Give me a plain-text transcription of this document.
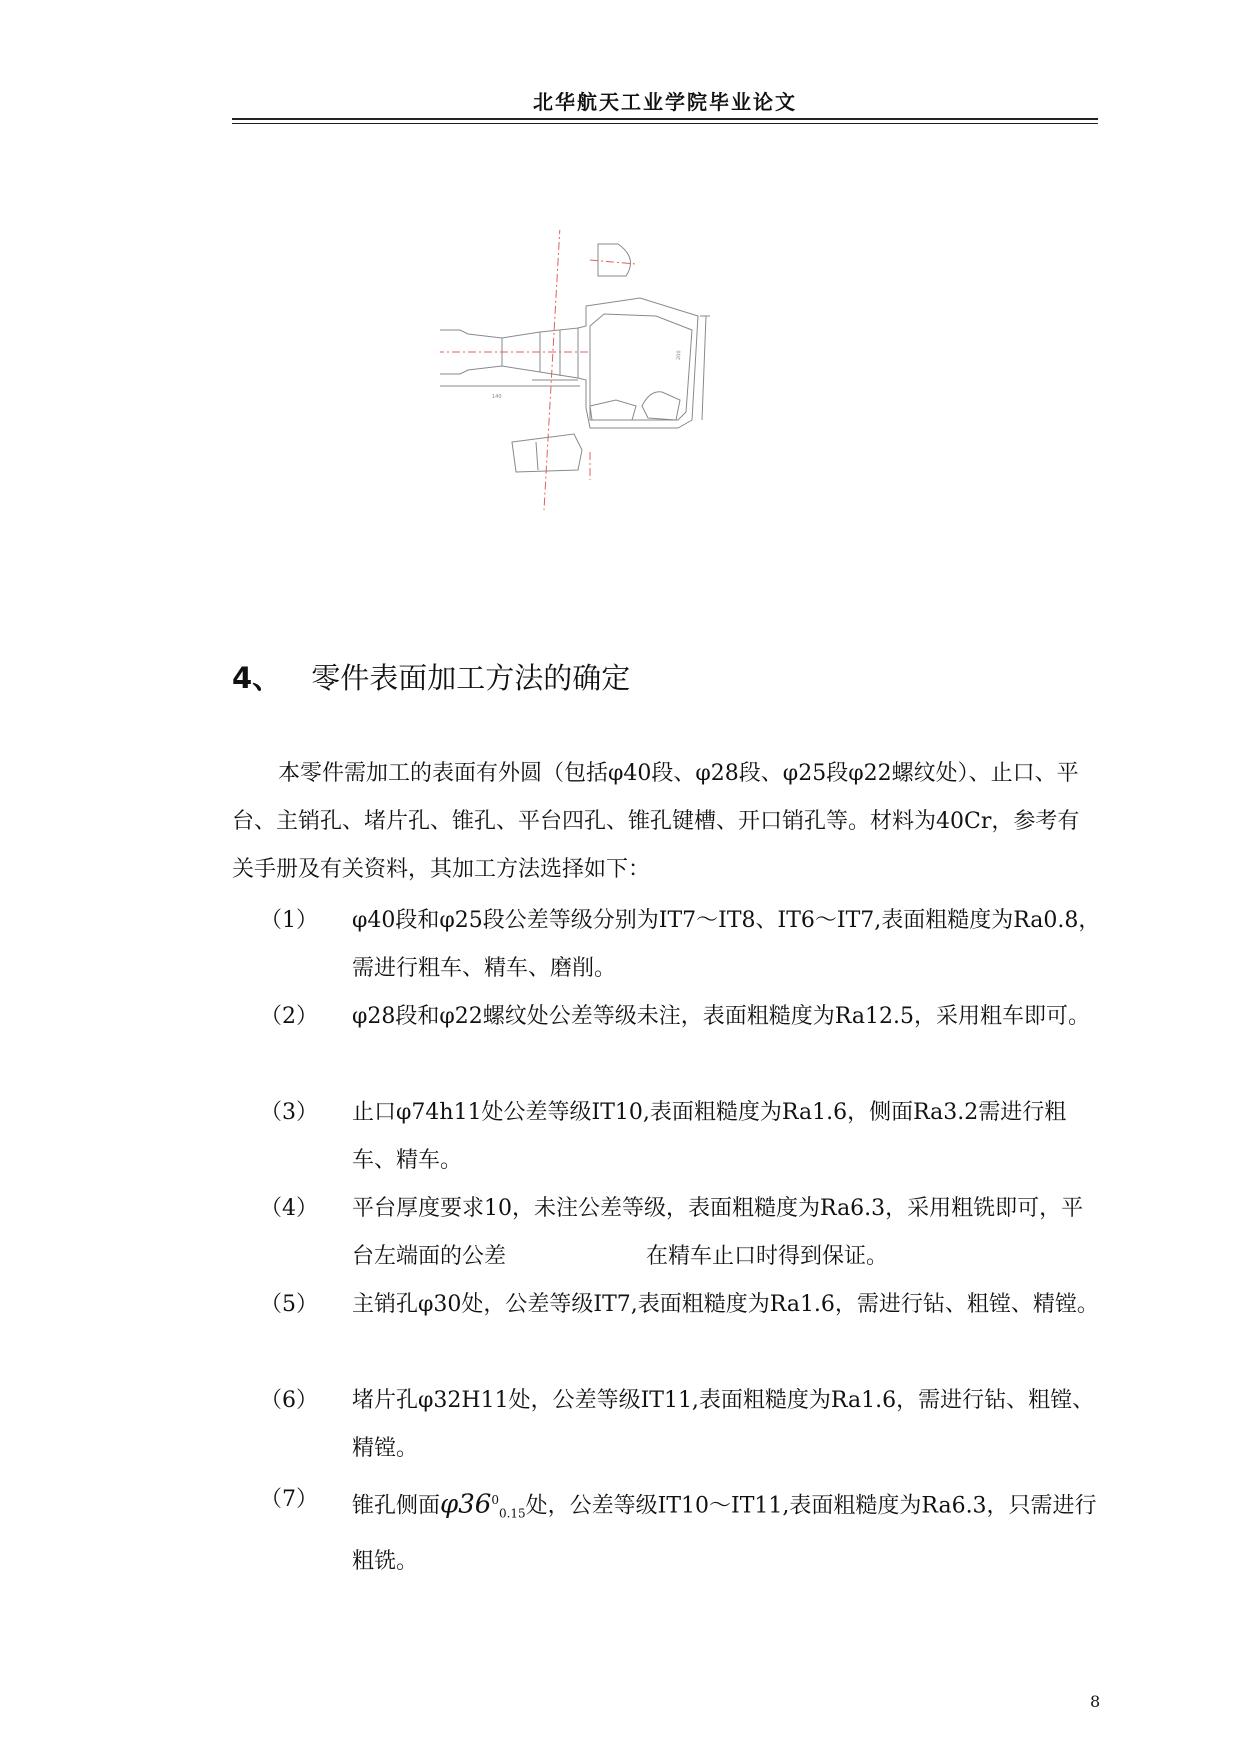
北华航天工业学院毕业论文
140
200
4、 零件表面加工方法的确定
本零件需加工的表面有外圆（包括φ40段、φ28段、φ25段φ22螺纹处）、止口、平台、主销孔、堵片孔、锥孔、平台四孔、锥孔键槽、开口销孔等。材料为40Cr，参考有关手册及有关资料，其加工方法选择如下：
（1） φ40段和φ25段公差等级分别为IT7～IT8、IT6～IT7,表面粗糙度为Ra0.8，需进行粗车、精车、磨削。
（2） φ28段和φ22螺纹处公差等级未注，表面粗糙度为Ra12.5，采用粗车即可。
（3） 止口φ74h11处公差等级IT10,表面粗糙度为Ra1.6，侧面Ra3.2需进行粗车、精车。
（4） 平台厚度要求10，未注公差等级，表面粗糙度为Ra6.3，采用粗铣即可，平台左端面的公差	在精车止口时得到保证。
（5） 主销孔φ30处，公差等级IT7,表面粗糙度为Ra1.6，需进行钻、粗镗、精镗。
（6） 堵片孔φ32H11处，公差等级IT11,表面粗糙度为Ra1.6，需进行钻、粗镗、精镗。
（7） 锥孔侧面$\varphi 36^0_{0.15}$处，公差等级IT10～IT11,表面粗糙度为Ra6.3，只需进行粗铣。
8
